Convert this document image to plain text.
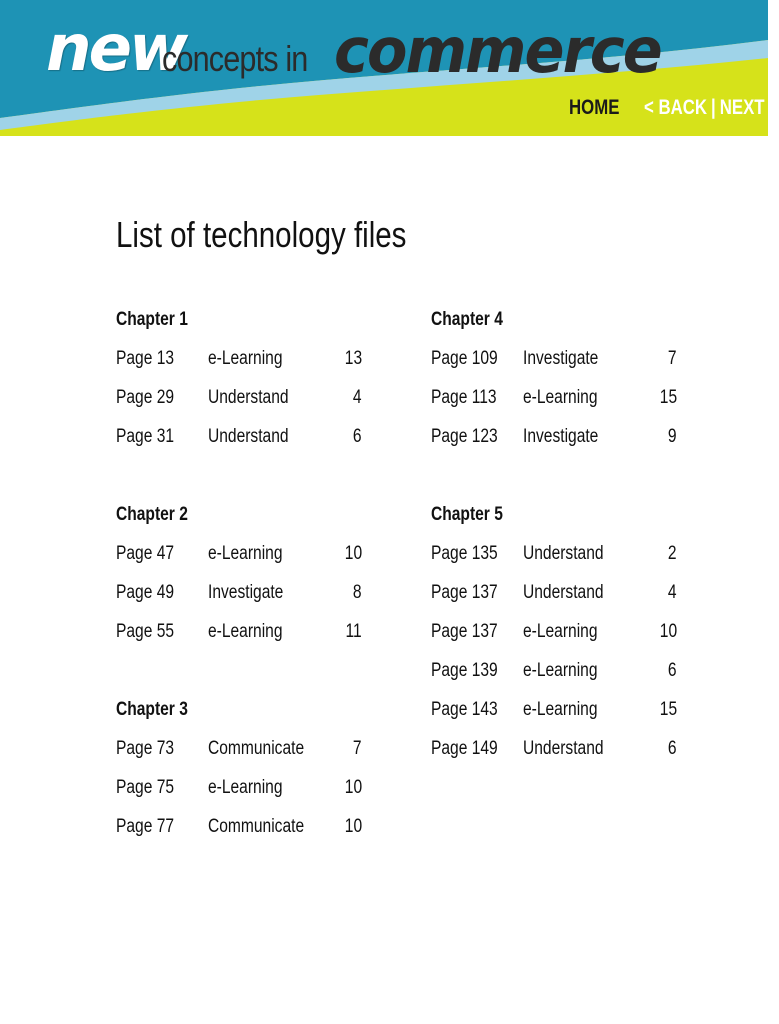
new
concepts in commerce
HOME < BACK | NEXT >
List of technology files
Chapter 1
Page 13 e-Learning	13
Page 29 Understand	4
Page 31 Understand	6
Chapter 2
Page 47 e-Learning	10
Page 49 Investigate	8
Page 55 e-Learning	11
Chapter 3
Page 73 Communicate	7
Page 75 e-Learning	10
Page 77 Communicate 10
Chapter 4
Page 109 Investigate	7
Page 113 e-Learning	15
Page 123 Investigate	9
Chapter 5
Page 135 Understand	2
Page 137 Understand	4
Page 137 e-Learning	10
Page 139 e-Learning	6
Page 143 e-Learning	15
Page 149 Understand	6
